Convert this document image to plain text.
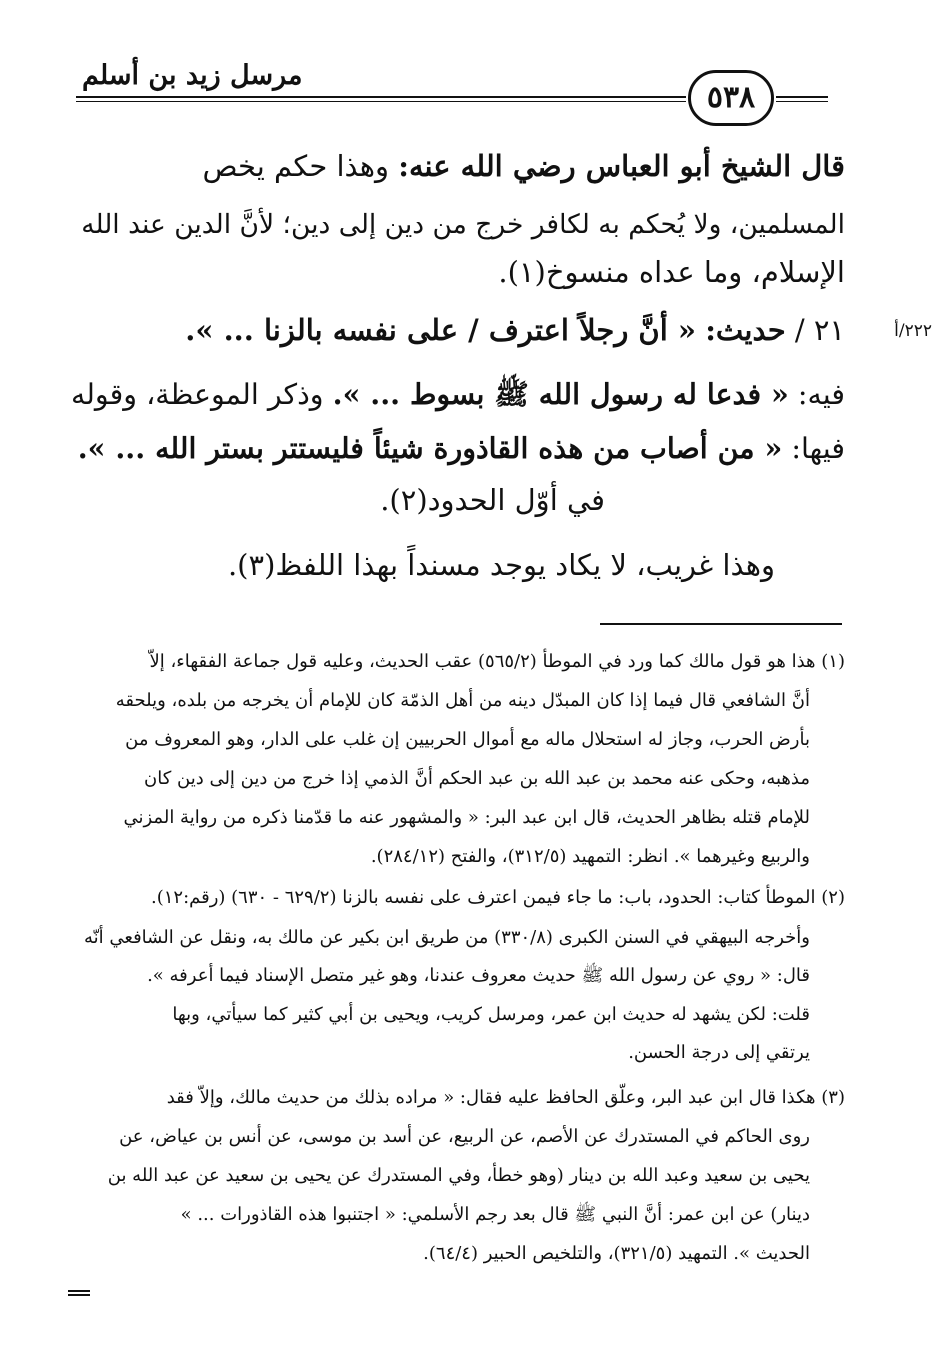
مرسل زيد بن أسلم
٥٣٨
قال الشيخ أبو العباس رضي الله عنه: وهذا حكم يخص
المسلمين، ولا يُحكم به لكافر خرج من دين إلى دين؛ لأنَّ الدين عند الله
الإسلام، وما عداه منسوخ(١).
٢١ / حديث: « أنَّ رجلاً اعترف / على نفسه بالزنا ... ».	٢٢٢/أ
فيه: « فدعا له رسول الله ﷺ بسوط ... ». وذكر الموعظة، وقوله
فيها: « من أصاب من هذه القاذورة شيئاً فليستتر بستر الله ... ».
في أوّل الحدود(٢).
وهذا غريب، لا يكاد يوجد مسنداً بهذا اللفظ(٣).
(١) هذا هو قول مالك كما ورد في الموطأ (٥٦٥/٢) عقب الحديث، وعليه قول جماعة الفقهاء، إلاّ
أنَّ الشافعي قال فيما إذا كان المبدّل دينه من أهل الذمّة كان للإمام أن يخرجه من بلده، ويلحقه
بأرض الحرب، وجاز له استحلال ماله مع أموال الحربيين إن غلب على الدار، وهو المعروف من
مذهبه، وحكى عنه محمد بن عبد الله بن عبد الحكم أنَّ الذمي إذا خرج من دين إلى دين كان
للإمام قتله بظاهر الحديث، قال ابن عبد البر: « والمشهور عنه ما قدّمنا ذكره من رواية المزني
والربيع وغيرهما ». انظر: التمهيد (٣١٢/٥)، والفتح (٢٨٤/١٢).
(٢) الموطأ كتاب: الحدود، باب: ما جاء فيمن اعترف على نفسه بالزنا (٦٢٩/٢ - ٦٣٠) (رقم:١٢).
وأخرجه البيهقي في السنن الكبرى (٣٣٠/٨) من طريق ابن بكير عن مالك به، ونقل عن الشافعي أنّه
قال: « روي عن رسول الله ﷺ حديث معروف عندنا، وهو غير متصل الإسناد فيما أعرفه ».
قلت: لكن يشهد له حديث ابن عمر، ومرسل كريب، ويحيى بن أبي كثير كما سيأتي، وبها
يرتقي إلى درجة الحسن.
(٣) هكذا قال ابن عبد البر، وعلّق الحافظ عليه فقال: « مراده بذلك من حديث مالك، وإلاّ فقد
روى الحاكم في المستدرك عن الأصم، عن الربيع، عن أسد بن موسى، عن أنس بن عياض، عن
يحيى بن سعيد وعبد الله بن دينار (وهو خطأ، وفي المستدرك عن يحيى بن سعيد عن عبد الله بن
دينار) عن ابن عمر: أنَّ النبي ﷺ قال بعد رجم الأسلمي: « اجتنبوا هذه القاذورات ... »
الحديث ». التمهيد (٣٢١/٥)، والتلخيص الحبير (٦٤/٤).
